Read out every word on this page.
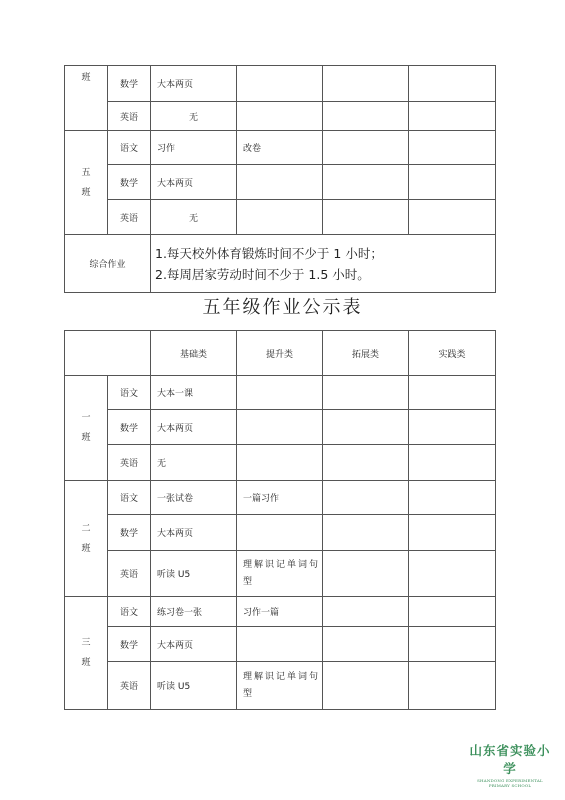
班	数学	大本两页			
	英语	无			

五
班	语文	习作	改卷		
	数学	大本两页			
	英语	无			
综合作业		1.每天校外体育锻炼时间不少于 1 小时；
2.每周居家劳动时间不少于 1.5 小时。			
五年级作业公示表
		基础类	提升类	拓展类	实践类

一
班	语文	大本一课			
	数学	大本两页			
	英语	无			

二
班	语文	一张试卷	一篇习作		
	数学	大本两页			
	英语	听读 U5	理解识记单词句型		

三
班	语文	练习卷一张	习作一篇		
	数学	大本两页			
	英语	听读 U5	理解识记单词句型		
山东省实验小学
SHANDONG EXPERIMENTAL PRIMARY SCHOOL
